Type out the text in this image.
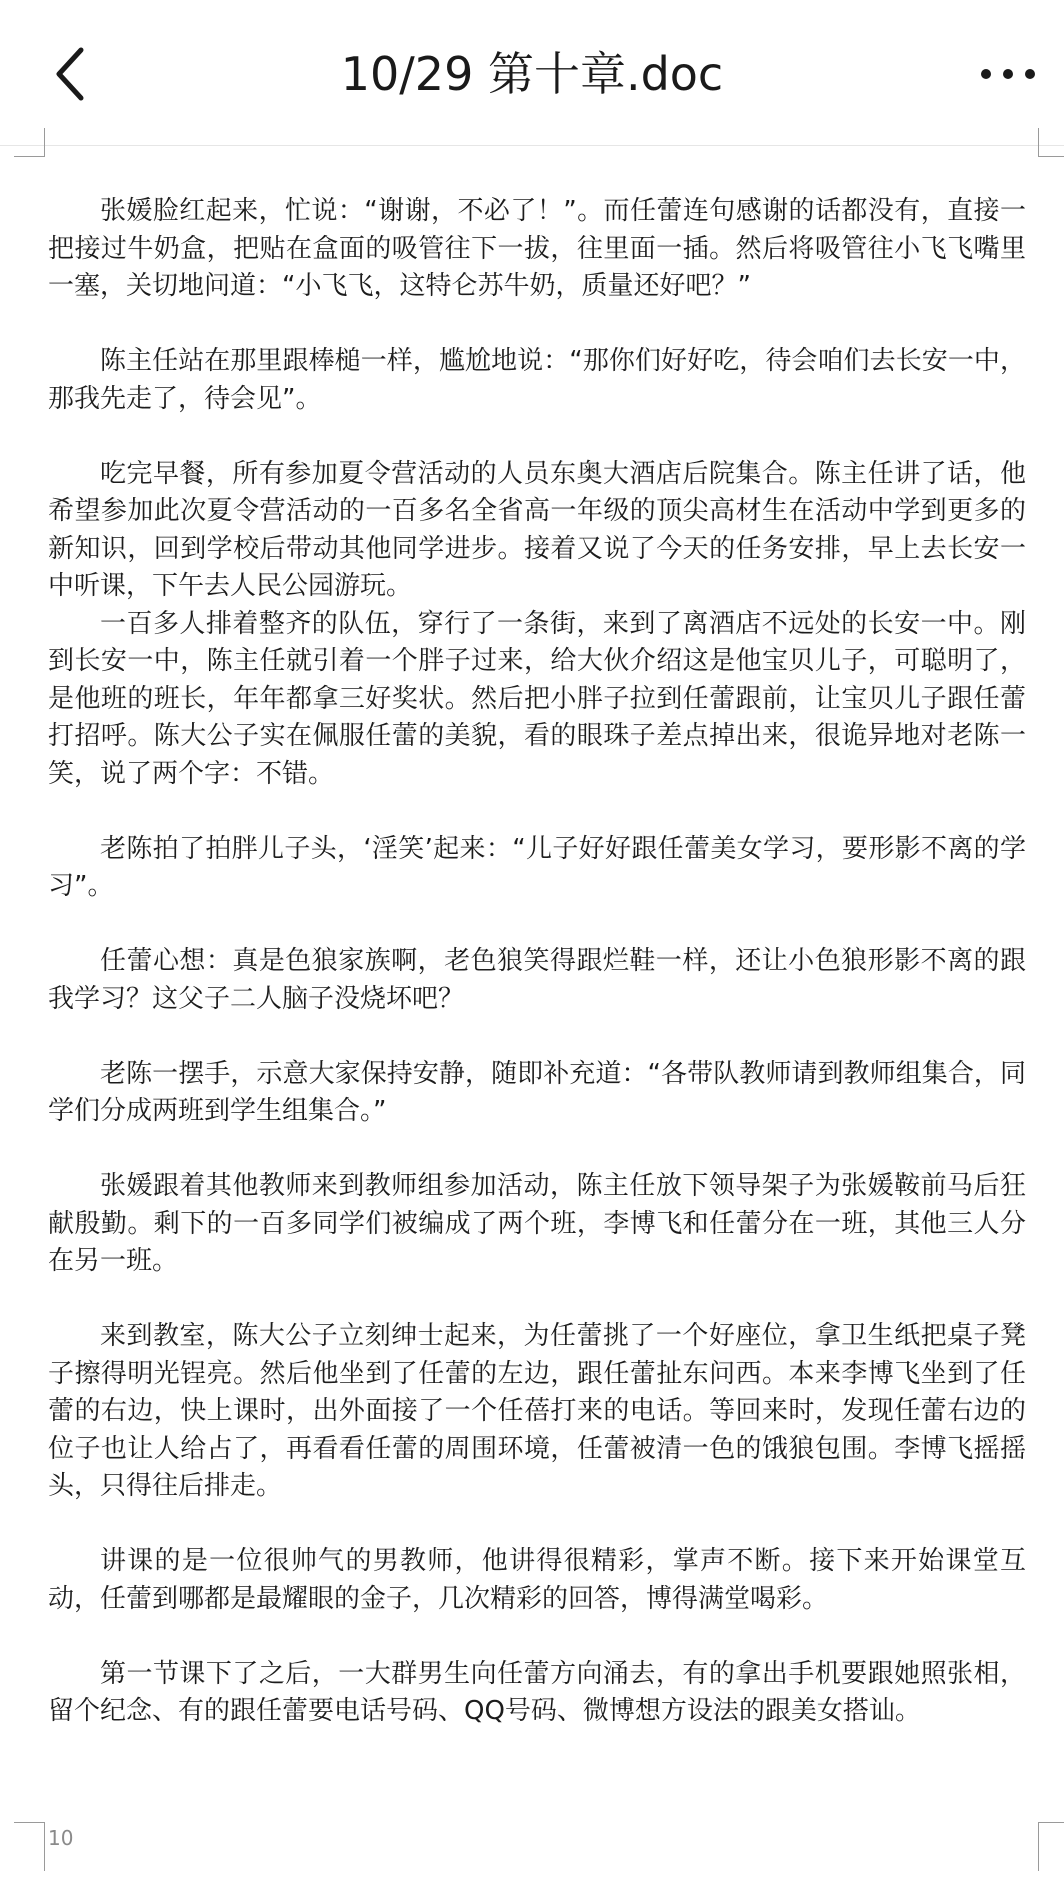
10/29 第十章.doc

张媛脸红起来，忙说：“谢谢，不必了！”。而任蕾连句感谢的话都没有，直接一把接过牛奶盒，把贴在盒面的吸管往下一拔，往里面一插。然后将吸管往小飞飞嘴里一塞，关切地问道：“小飞飞，这特仑苏牛奶，质量还好吧？”

陈主任站在那里跟棒槌一样，尴尬地说：“那你们好好吃，待会咱们去长安一中，那我先走了，待会见”。

吃完早餐，所有参加夏令营活动的人员东奥大酒店后院集合。陈主任讲了话，他希望参加此次夏令营活动的一百多名全省高一年级的顶尖高材生在活动中学到更多的新知识，回到学校后带动其他同学进步。接着又说了今天的任务安排，早上去长安一中听课，下午去人民公园游玩。

一百多人排着整齐的队伍，穿行了一条街，来到了离酒店不远处的长安一中。刚到长安一中，陈主任就引着一个胖子过来，给大伙介绍这是他宝贝儿子，可聪明了，是他班的班长，年年都拿三好奖状。然后把小胖子拉到任蕾跟前，让宝贝儿子跟任蕾打招呼。陈大公子实在佩服任蕾的美貌，看的眼珠子差点掉出来，很诡异地对老陈一笑，说了两个字：不错。

老陈拍了拍胖儿子头，‘淫笑’起来：“儿子好好跟任蕾美女学习，要形影不离的学习”。

任蕾心想：真是色狼家族啊，老色狼笑得跟烂鞋一样，还让小色狼形影不离的跟我学习？这父子二人脑子没烧坏吧？

老陈一摆手，示意大家保持安静，随即补充道：“各带队教师请到教师组集合，同学们分成两班到学生组集合。”

张媛跟着其他教师来到教师组参加活动，陈主任放下领导架子为张媛鞍前马后狂献殷勤。剩下的一百多同学们被编成了两个班，李博飞和任蕾分在一班，其他三人分在另一班。

来到教室，陈大公子立刻绅士起来，为任蕾挑了一个好座位，拿卫生纸把桌子凳子擦得明光锃亮。然后他坐到了任蕾的左边，跟任蕾扯东问西。本来李博飞坐到了任蕾的右边，快上课时，出外面接了一个任蓓打来的电话。等回来时，发现任蕾右边的位子也让人给占了，再看看任蕾的周围环境，任蕾被清一色的饿狼包围。李博飞摇摇头，只得往后排走。

讲课的是一位很帅气的男教师，他讲得很精彩，掌声不断。接下来开始课堂互动，任蕾到哪都是最耀眼的金子，几次精彩的回答，博得满堂喝彩。

第一节课下了之后，一大群男生向任蕾方向涌去，有的拿出手机要跟她照张相，留个纪念、有的跟任蕾要电话号码、QQ号码、微博想方设法的跟美女搭讪。

10
